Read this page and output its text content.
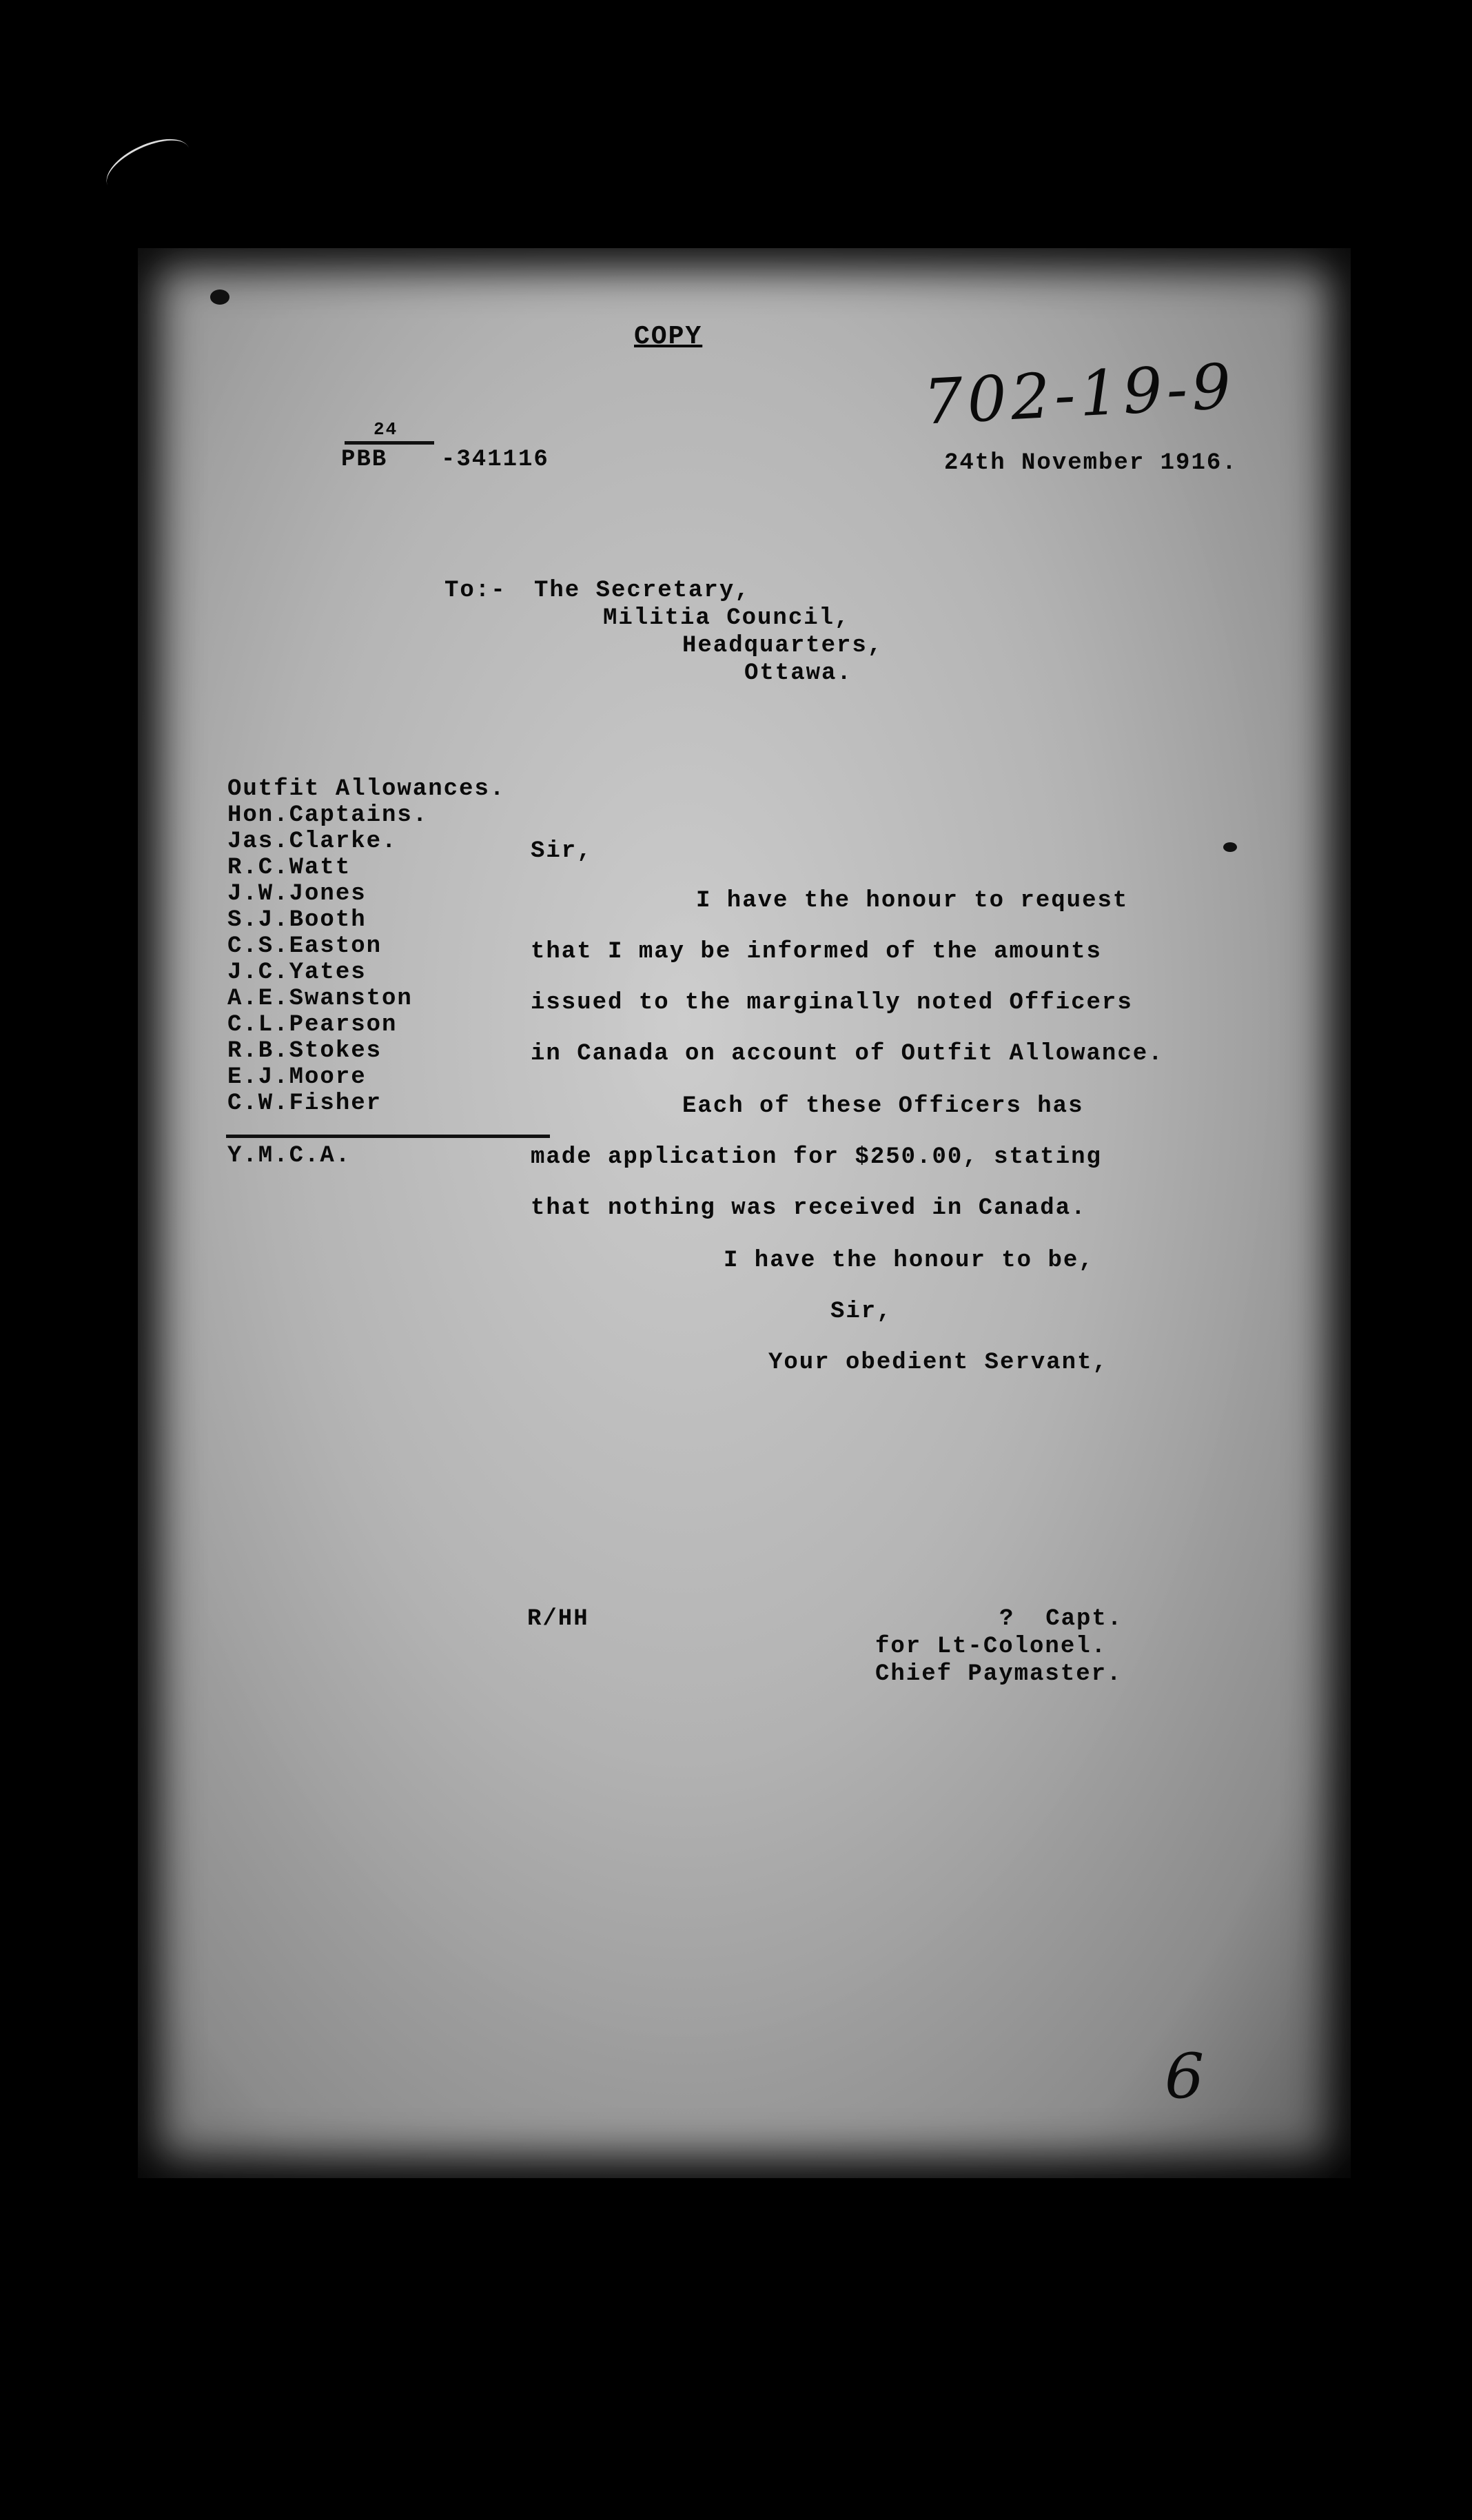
COPY
702-19-9
24
PBB -341116	24th November 1916.
To:- The Secretary,
Militia Council,
Headquarters,
Ottawa.
Outfit Allowances.
Hon.Captains.
Jas.Clarke.
R.C.Watt
J.W.Jones
S.J.Booth
C.S.Easton
J.C.Yates
A.E.Swanston
C.L.Pearson
R.B.Stokes
E.J.Moore
C.W.Fisher
Y.M.C.A.
Sir,
I have the honour to request
that I may be informed of the amounts
issued to the marginally noted Officers
in Canada on account of Outfit Allowance.
Each of these Officers has
made application for $250.00, stating
that nothing was received in Canada.
I have the honour to be,
Sir,
Your obedient Servant,
R/HH	?  Capt.
for Lt-Colonel.
Chief Paymaster.
6
